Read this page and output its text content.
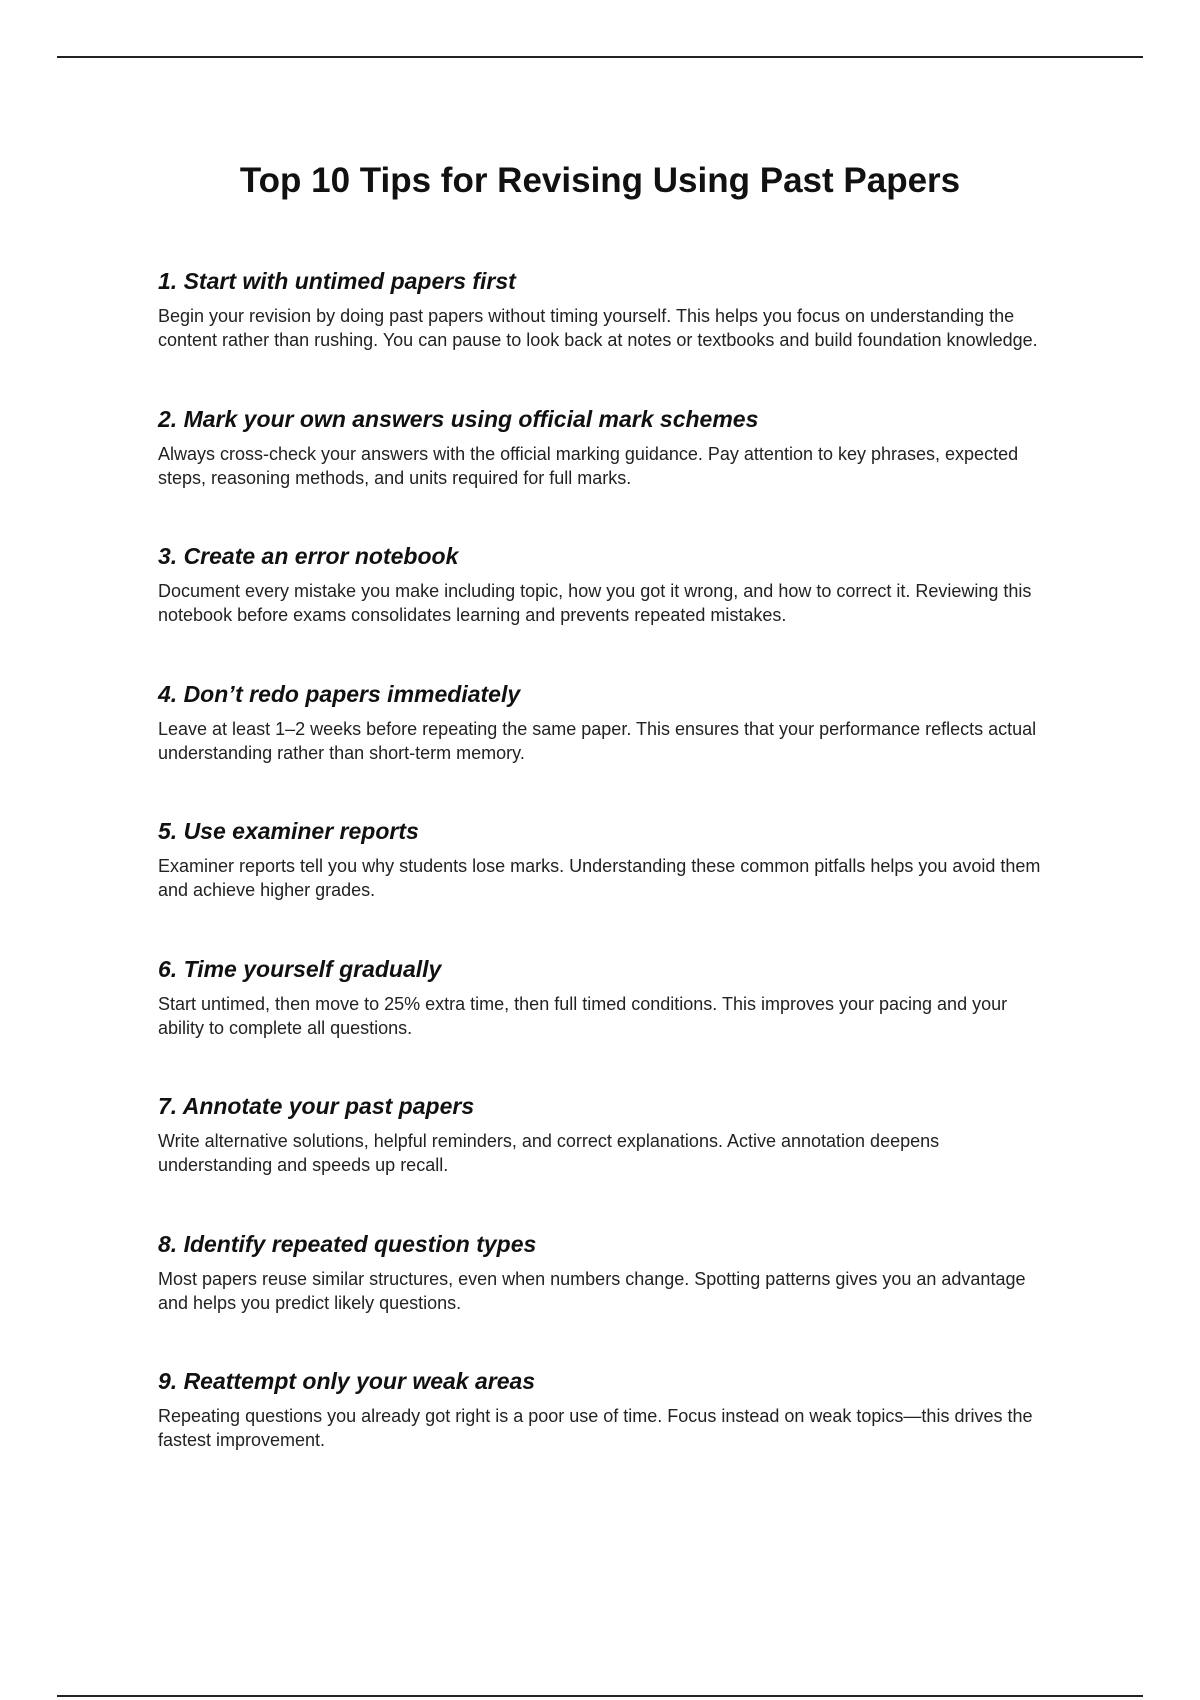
Top 10 Tips for Revising Using Past Papers
1. Start with untimed papers first

Begin your revision by doing past papers without timing yourself. This helps you focus on understanding the content rather than rushing. You can pause to look back at notes or textbooks and build foundation knowledge.

2. Mark your own answers using official mark schemes

Always cross-check your answers with the official marking guidance. Pay attention to key phrases, expected steps, reasoning methods, and units required for full marks.

3. Create an error notebook

Document every mistake you make including topic, how you got it wrong, and how to correct it. Reviewing this notebook before exams consolidates learning and prevents repeated mistakes.

4. Don’t redo papers immediately

Leave at least 1–2 weeks before repeating the same paper. This ensures that your performance reflects actual understanding rather than short-term memory.

5. Use examiner reports

Examiner reports tell you why students lose marks. Understanding these common pitfalls helps you avoid them and achieve higher grades.

6. Time yourself gradually

Start untimed, then move to 25% extra time, then full timed conditions. This improves your pacing and your ability to complete all questions.

7. Annotate your past papers

Write alternative solutions, helpful reminders, and correct explanations. Active annotation deepens understanding and speeds up recall.

8. Identify repeated question types

Most papers reuse similar structures, even when numbers change. Spotting patterns gives you an advantage and helps you predict likely questions.

9. Reattempt only your weak areas

Repeating questions you already got right is a poor use of time. Focus instead on weak topics—this drives the fastest improvement.
